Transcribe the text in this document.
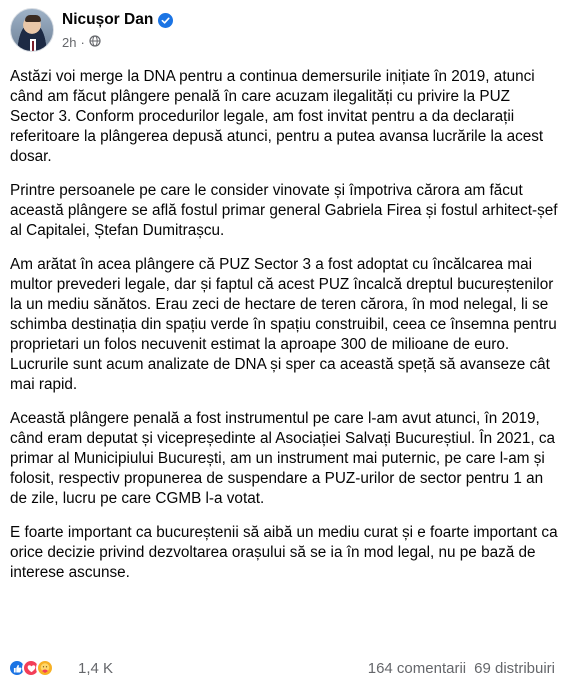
Nicușor Dan
2h ·

Astăzi voi merge la DNA pentru a continua demersurile inițiate în 2019, atunci când am făcut plângere penală în care acuzam ilegalități cu privire la PUZ Sector 3. Conform procedurilor legale, am fost invitat pentru a da declarații referitoare la plângerea depusă atunci, pentru a putea avansa lucrările la acest dosar.

Printre persoanele pe care le consider vinovate și împotriva cărora am făcut această plângere se află fostul primar general Gabriela Firea și fostul arhitect-șef al Capitalei, Ștefan Dumitrașcu.

Am arătat în acea plângere că PUZ Sector 3 a fost adoptat cu încălcarea mai multor prevederi legale, dar și faptul că acest PUZ încalcă dreptul bucureștenilor la un mediu sănătos. Erau zeci de hectare de teren cărora, în mod nelegal, li se schimba destinația din spațiu verde în spațiu construibil, ceea ce însemna pentru proprietari un folos necuvenit estimat la aproape 300 de milioane de euro. Lucrurile sunt acum analizate de DNA și sper ca această speță să avanseze cât mai rapid.

Această plângere penală a fost instrumentul pe care l-am avut atunci, în 2019, când eram deputat și vicepreședinte al Asociației Salvați Bucureștiul. În 2021, ca primar al Municipiului București, am un instrument mai puternic, pe care l-am și folosit, respectiv propunerea de suspendare a PUZ-urilor de sector pentru 1 an de zile, lucru pe care CGMB l-a votat.

E foarte important ca bucureștenii să aibă un mediu curat și e foarte important ca orice decizie privind dezvoltarea orașului să se ia în mod legal, nu pe bază de interese ascunse.

1,4 K	164 comentarii 69 distribuiri
